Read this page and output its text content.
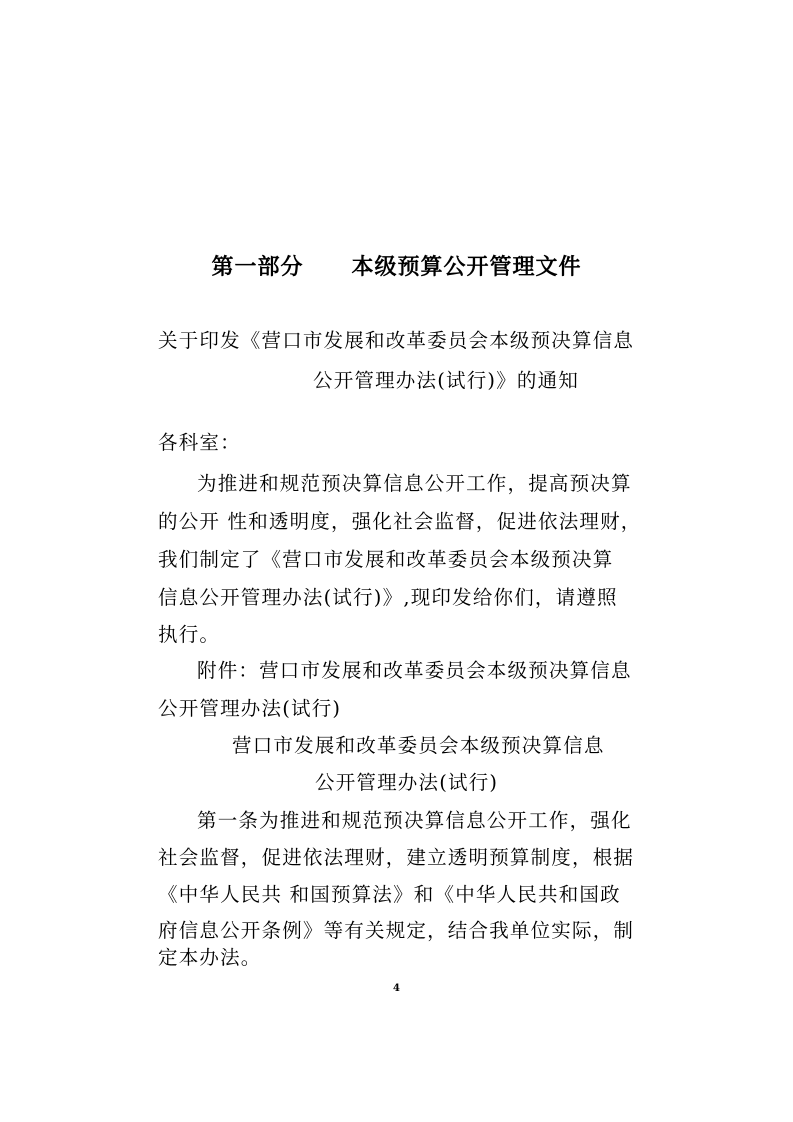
第一部分 本级预算公开管理文件
关于印发《营口市发展和改革委员会本级预决算信息
公开管理办法(试行)》的通知
各科室：
为推进和规范预决算信息公开工作，提高预决算
的公开 性和透明度，强化社会监督，促进依法理财，
我们制定了《营口市发展和改革委员会本级预决算
信息公开管理办法(试行)》,现印发给你们，请遵照
执行。
附件：营口市发展和改革委员会本级预决算信息
公开管理办法(试行)
营口市发展和改革委员会本级预决算信息
公开管理办法(试行)
第一条为推进和规范预决算信息公开工作，强化
社会监督，促进依法理财，建立透明预算制度，根据
《中华人民共 和国预算法》和《中华人民共和国政
府信息公开条例》等有关规定，结合我单位实际，制
定本办法。
4
